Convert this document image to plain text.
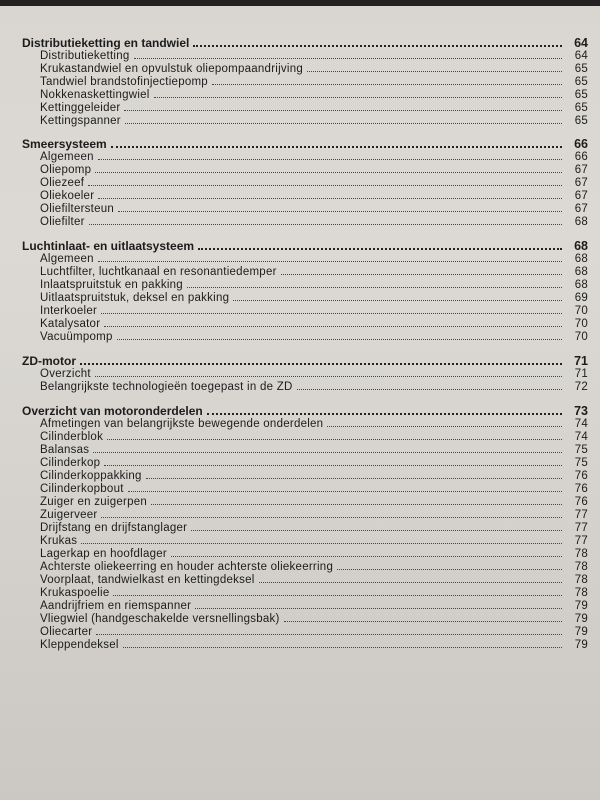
Distributieketting en tandwiel	64
Distributieketting	64
Krukastandwiel en opvulstuk oliepompaandrijving	65
Tandwiel brandstofinjectiepomp	65
Nokkenaskettingwiel	65
Kettinggeleider	65
Kettingspanner	65
Smeersysteem	66
Algemeen	66
Oliepomp	67
Oliezeef	67
Oliekoeler	67
Oliefiltersteun	67
Oliefilter	68
Luchtinlaat- en uitlaatsysteem	68
Algemeen	68
Luchtfilter, luchtkanaal en resonantiedemper	68
Inlaatspruitstuk en pakking	68
Uitlaatspruitstuk, deksel en pakking	69
Interkoeler	70
Katalysator	70
Vacuümpomp	70
ZD-motor	71
Overzicht	71
Belangrijkste technologieën toegepast in de ZD	72
Overzicht van motoronderdelen	73
Afmetingen van belangrijkste bewegende onderdelen	74
Cilinderblok	74
Balansas	75
Cilinderkop	75
Cilinderkoppakking	76
Cilinderkopbout	76
Zuiger en zuigerpen	76
Zuigerveer	77
Drijfstang en drijfstanglager	77
Krukas	77
Lagerkap en hoofdlager	78
Achterste oliekeerring en houder achterste oliekeerring	78
Voorplaat, tandwielkast en kettingdeksel	78
Krukaspoelie	78
Aandrijfriem en riemspanner	79
Vliegwiel (handgeschakelde versnellingsbak)	79
Oliecarter	79
Kleppendeksel	79
